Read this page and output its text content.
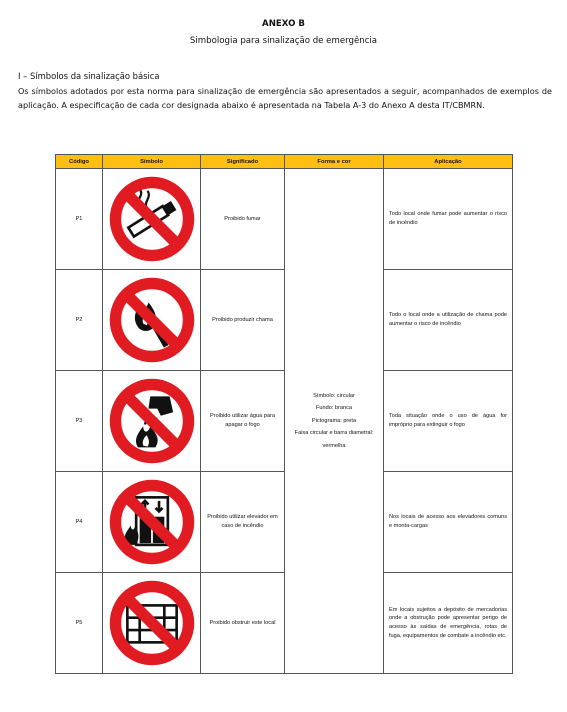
ANEXO B
Simbologia para sinalização de emergência
I – Símbolos da sinalização básica
Os símbolos adotados por esta norma para sinalização de emergência são apresentados a seguir, acompanhados de exemplos de aplicação. A especificação de cada cor designada abaixo é apresentada na Tabela A-3 do Anexo A desta IT/CBMRN.
Código	Símbolo	Significado	Forma e cor	Aplicação
P1		Proibido fumar	Símbolo: circular
Fundo: branca
Pictograma: preta
Faixa circular e barra diametral: vermelha	Todo local onde fumar pode aumentar o risco de incêndio
P2		Proibido produzir chama		Todo o local onde a utilização de chama pode aumentar o risco de incêndio
P3		Proibido utilizar água para apagar o fogo		Toda situação onde o uso de água for impróprio para extinguir o fogo
P4		Proibido utilizar elevador em caso de incêndio		Nos locais de acesso aos elevadores comuns e monta-cargas
P5		Proibido obstruir este local		Em locais sujeitos a depósito de mercadorias onde a obstrução pode apresentar perigo de acesso às saídas de emergência, rotas de fuga, equipamentos de combate a incêndio etc.
